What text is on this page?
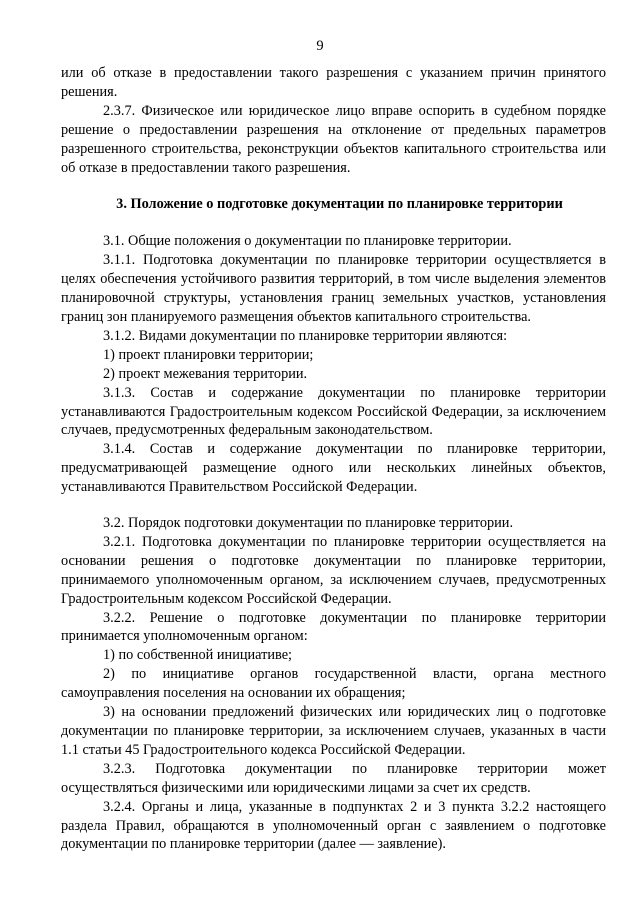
9

или об отказе в предоставлении такого разрешения с указанием причин принятого решения.

2.3.7. Физическое или юридическое лицо вправе оспорить в судебном порядке решение о предоставлении разрешения на отклонение от предельных параметров разрешенного строительства, реконструкции объектов капитального строительства или об отказе в предоставлении такого разрешения.

3. Положение о подготовке документации по планировке территории

3.1. Общие положения о документации по планировке территории.

3.1.1. Подготовка документации по планировке территории осуществляется в целях обеспечения устойчивого развития территорий, в том числе выделения элементов планировочной структуры, установления границ земельных участков, установления границ зон планируемого размещения объектов капитального строительства.

3.1.2. Видами документации по планировке территории являются:

1) проект планировки территории;

2) проект межевания территории.

3.1.3. Состав и содержание документации по планировке территории устанавливаются Градостроительным кодексом Российской Федерации, за исключением случаев, предусмотренных федеральным законодательством.

3.1.4. Состав и содержание документации по планировке территории, предусматривающей размещение одного или нескольких линейных объектов, устанавливаются Правительством Российской Федерации.

3.2. Порядок подготовки документации по планировке территории.

3.2.1. Подготовка документации по планировке территории осуществляется на основании решения о подготовке документации по планировке территории, принимаемого уполномоченным органом, за исключением случаев, предусмотренных Градостроительным кодексом Российской Федерации.

3.2.2. Решение о подготовке документации по планировке территории принимается уполномоченным органом:

1) по собственной инициативе;

2) по инициативе органов государственной власти, органа местного самоуправления поселения на основании их обращения;

3) на основании предложений физических или юридических лиц о подготовке документации по планировке территории, за исключением случаев, указанных в части 1.1 статьи 45 Градостроительного кодекса Российской Федерации.

3.2.3. Подготовка документации по планировке территории может осуществляться физическими или юридическими лицами за счет их средств.

3.2.4. Органы и лица, указанные в подпунктах 2 и 3 пункта 3.2.2 настоящего раздела Правил, обращаются в уполномоченный орган с заявлением о подготовке документации по планировке территории (далее — заявление).
